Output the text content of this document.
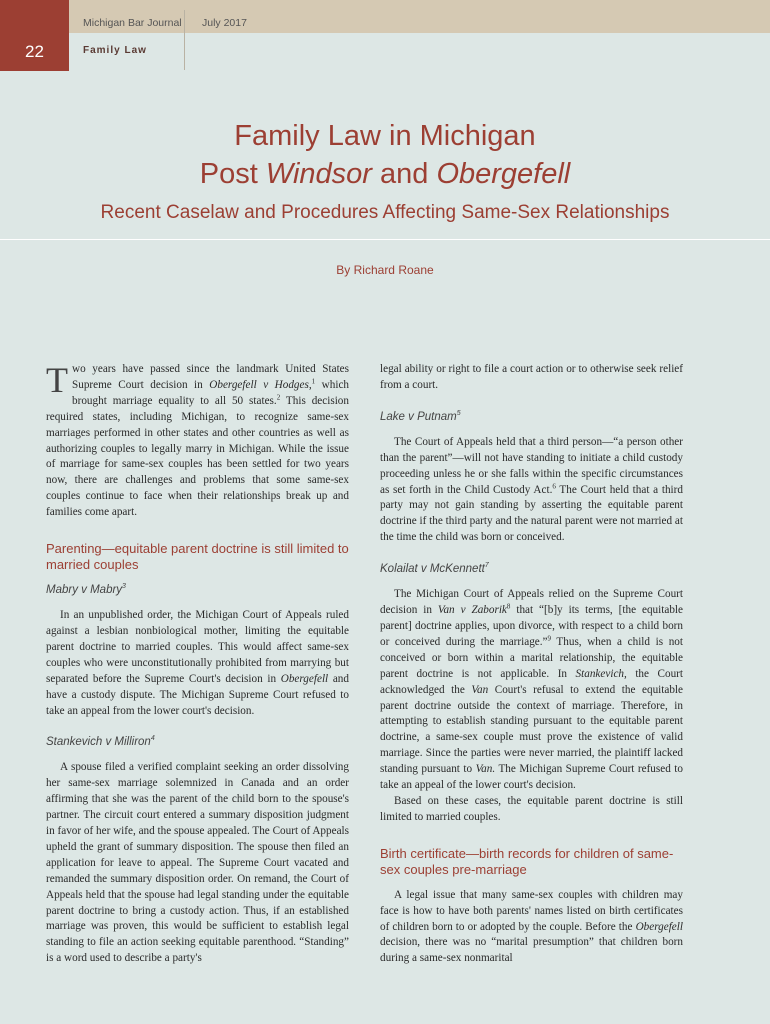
22
Michigan Bar Journal July 2017
Family Law
Family Law in Michigan
Post Windsor and Obergefell
Recent Caselaw and Procedures Affecting Same-Sex Relationships
By Richard Roane

Two years have passed since the landmark United States Supreme Court decision in Obergefell v Hodges,$^1$ which brought marriage equality to all 50 states.$^2$ This decision required states, including Michigan, to recognize same-sex marriages performed in other states and other countries as well as authorizing couples to legally marry in Michigan. While the issue of marriage for same-sex couples has been settled for two years now, there are challenges and problems that some same-sex couples continue to face when their relationships break up and families come apart.

Parenting—equitable parent doctrine is still limited to married couples
Mabry v Mabry$^3$

In an unpublished order, the Michigan Court of Appeals ruled against a lesbian nonbiological mother, limiting the equitable parent doctrine to married couples. This would affect same-sex couples who were unconstitutionally prohibited from marrying but separated before the Supreme Court's decision in Obergefell and have a custody dispute. The Michigan Supreme Court refused to take an appeal from the lower court's decision.

Stankevich v Milliron$^4$

A spouse filed a verified complaint seeking an order dissolving her same-sex marriage solemnized in Canada and an order affirming that she was the parent of the child born to the spouse's partner. The circuit court entered a summary disposition judgment in favor of her wife, and the spouse appealed. The Court of Appeals upheld the grant of summary disposition. The spouse then filed an application for leave to appeal. The Supreme Court vacated and remanded the summary disposition order. On remand, the Court of Appeals held that the spouse had legal standing under the equitable parent doctrine to bring a custody action. Thus, if an established marriage was proven, this would be sufficient to establish legal standing to file an action seeking equitable parenthood. “Standing” is a word used to describe a party's

legal ability or right to file a court action or to otherwise seek relief from a court.

Lake v Putnam$^5$

The Court of Appeals held that a third person—“a person other than the parent”—will not have standing to initiate a child custody proceeding unless he or she falls within the specific circumstances as set forth in the Child Custody Act.$^6$ The Court held that a third party may not gain standing by asserting the equitable parent doctrine if the third party and the natural parent were not married at the time the child was born or conceived.

Kolailat v McKennett$^7$

The Michigan Court of Appeals relied on the Supreme Court decision in Van v Zaborik$^8$ that “[b]y its terms, [the equitable parent] doctrine applies, upon divorce, with respect to a child born or conceived during the marriage.”$^9$ Thus, when a child is not conceived or born within a marital relationship, the equitable parent doctrine is not applicable. In Stankevich, the Court acknowledged the Van Court's refusal to extend the equitable parent doctrine outside the context of marriage. Therefore, in attempting to establish standing pursuant to the equitable parent doctrine, a same-sex couple must prove the existence of valid marriage. Since the parties were never married, the plaintiff lacked standing pursuant to Van. The Michigan Supreme Court refused to take an appeal of the lower court's decision.

Based on these cases, the equitable parent doctrine is still limited to married couples.

Birth certificate—birth records for children of same-sex couples pre-marriage

A legal issue that many same-sex couples with children may face is how to have both parents' names listed on birth certificates of children born to or adopted by the couple. Before the Obergefell decision, there was no “marital presumption” that children born during a same-sex nonmarital
